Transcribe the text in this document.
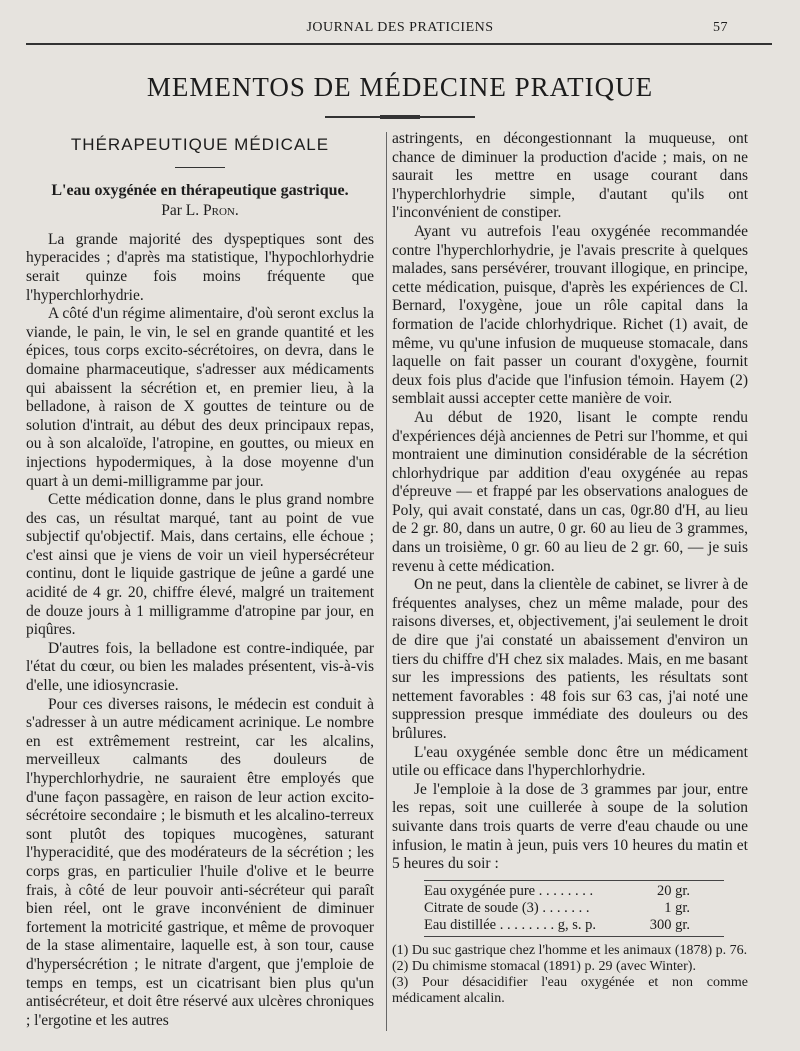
JOURNAL DES PRATICIENS	57
MEMENTOS DE MÉDECINE PRATIQUE
THÉRAPEUTIQUE MÉDICALE

L'eau oxygénée en thérapeutique gastrique.

Par L. Pron.

La grande majorité des dyspeptiques sont des hyperacides ; d'après ma statistique, l'hypochlorhydrie serait quinze fois moins fréquente que l'hyperchlorhydrie.

A côté d'un régime alimentaire, d'où seront exclus la viande, le pain, le vin, le sel en grande quantité et les épices, tous corps excito-sécrétoires, on devra, dans le domaine pharmaceutique, s'adresser aux médicaments qui abaissent la sécrétion et, en premier lieu, à la belladone, à raison de X gouttes de teinture ou de solution d'intrait, au début des deux principaux repas, ou à son alcaloïde, l'atropine, en gouttes, ou mieux en injections hypodermiques, à la dose moyenne d'un quart à un demi-milligramme par jour.

Cette médication donne, dans le plus grand nombre des cas, un résultat marqué, tant au point de vue subjectif qu'objectif. Mais, dans certains, elle échoue ; c'est ainsi que je viens de voir un vieil hypersécréteur continu, dont le liquide gastrique de jeûne a gardé une acidité de 4 gr. 20, chiffre élevé, malgré un traitement de douze jours à 1 milligramme d'atropine par jour, en piqûres.

D'autres fois, la belladone est contre-indiquée, par l'état du cœur, ou bien les malades présentent, vis-à-vis d'elle, une idiosyncrasie.

Pour ces diverses raisons, le médecin est conduit à s'adresser à un autre médicament acrinique. Le nombre en est extrêmement restreint, car les alcalins, merveilleux calmants des douleurs de l'hyperchlorhydrie, ne sauraient être employés que d'une façon passagère, en raison de leur action excito-sécrétoire secondaire ; le bismuth et les alcalino-terreux sont plutôt des topiques mucogènes, saturant l'hyperacidité, que des modérateurs de la sécrétion ; les corps gras, en particulier l'huile d'olive et le beurre frais, à côté de leur pouvoir anti-sécréteur qui paraît bien réel, ont le grave inconvénient de diminuer fortement la motricité gastrique, et même de provoquer de la stase alimentaire, laquelle est, à son tour, cause d'hypersécrétion ; le nitrate d'argent, que j'emploie de temps en temps, est un cicatrisant bien plus qu'un antisécréteur, et doit être réservé aux ulcères chroniques ; l'ergotine et les autres

astringents, en décongestionnant la muqueuse, ont chance de diminuer la production d'acide ; mais, on ne saurait les mettre en usage courant dans l'hyperchlorhydrie simple, d'autant qu'ils ont l'inconvénient de constiper.

Ayant vu autrefois l'eau oxygénée recommandée contre l'hyperchlorhydrie, je l'avais prescrite à quelques malades, sans persévérer, trouvant illogique, en principe, cette médication, puisque, d'après les expériences de Cl. Bernard, l'oxygène, joue un rôle capital dans la formation de l'acide chlorhydrique. Richet (1) avait, de même, vu qu'une infusion de muqueuse stomacale, dans laquelle on fait passer un courant d'oxygène, fournit deux fois plus d'acide que l'infusion témoin. Hayem (2) semblait aussi accepter cette manière de voir.

Au début de 1920, lisant le compte rendu d'expériences déjà anciennes de Petri sur l'homme, et qui montraient une diminution considérable de la sécrétion chlorhydrique par addition d'eau oxygénée au repas d'épreuve — et frappé par les observations analogues de Poly, qui avait constaté, dans un cas, 0gr.80 d'H, au lieu de 2 gr. 80, dans un autre, 0 gr. 60 au lieu de 3 grammes, dans un troisième, 0 gr. 60 au lieu de 2 gr. 60, — je suis revenu à cette médication.

On ne peut, dans la clientèle de cabinet, se livrer à de fréquentes analyses, chez un même malade, pour des raisons diverses, et, objectivement, j'ai seulement le droit de dire que j'ai constaté un abaissement d'environ un tiers du chiffre d'H chez six malades. Mais, en me basant sur les impressions des patients, les résultats sont nettement favorables : 48 fois sur 63 cas, j'ai noté une suppression presque immédiate des douleurs ou des brûlures.

L'eau oxygénée semble donc être un médicament utile ou efficace dans l'hyperchlorhydrie.

Je l'emploie à la dose de 3 grammes par jour, entre les repas, soit une cuillerée à soupe de la solution suivante dans trois quarts de verre d'eau chaude ou une infusion, le matin à jeun, puis vers 10 heures du matin et 5 heures du soir :

Eau oxygénée pure . . . . . . . .	20 gr.
Citrate de soude (3) . . . . . . .	1 gr.
Eau distillée . . . . . . . . g, s. p.	300 gr.

(1) Du suc gastrique chez l'homme et les animaux (1878) p. 76.

(2) Du chimisme stomacal (1891) p. 29 (avec Winter).

(3) Pour désacidifier l'eau oxygénée et non comme médicament alcalin.
